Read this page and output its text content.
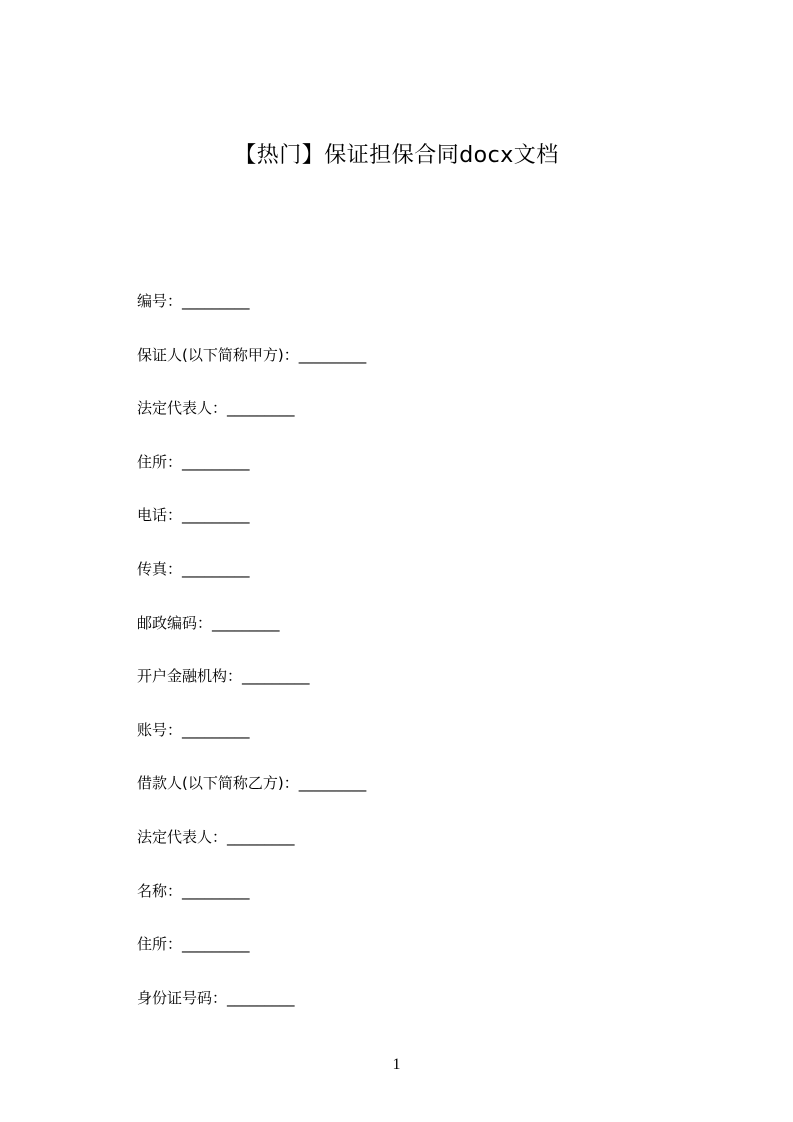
【热门】保证担保合同docx文档
编号：_________
保证人(以下简称甲方)：_________
法定代表人：_________
住所：_________
电话：_________
传真：_________
邮政编码：_________
开户金融机构：_________
账号：_________
借款人(以下简称乙方)：_________
法定代表人：_________
名称：_________
住所：_________
身份证号码：_________
1
